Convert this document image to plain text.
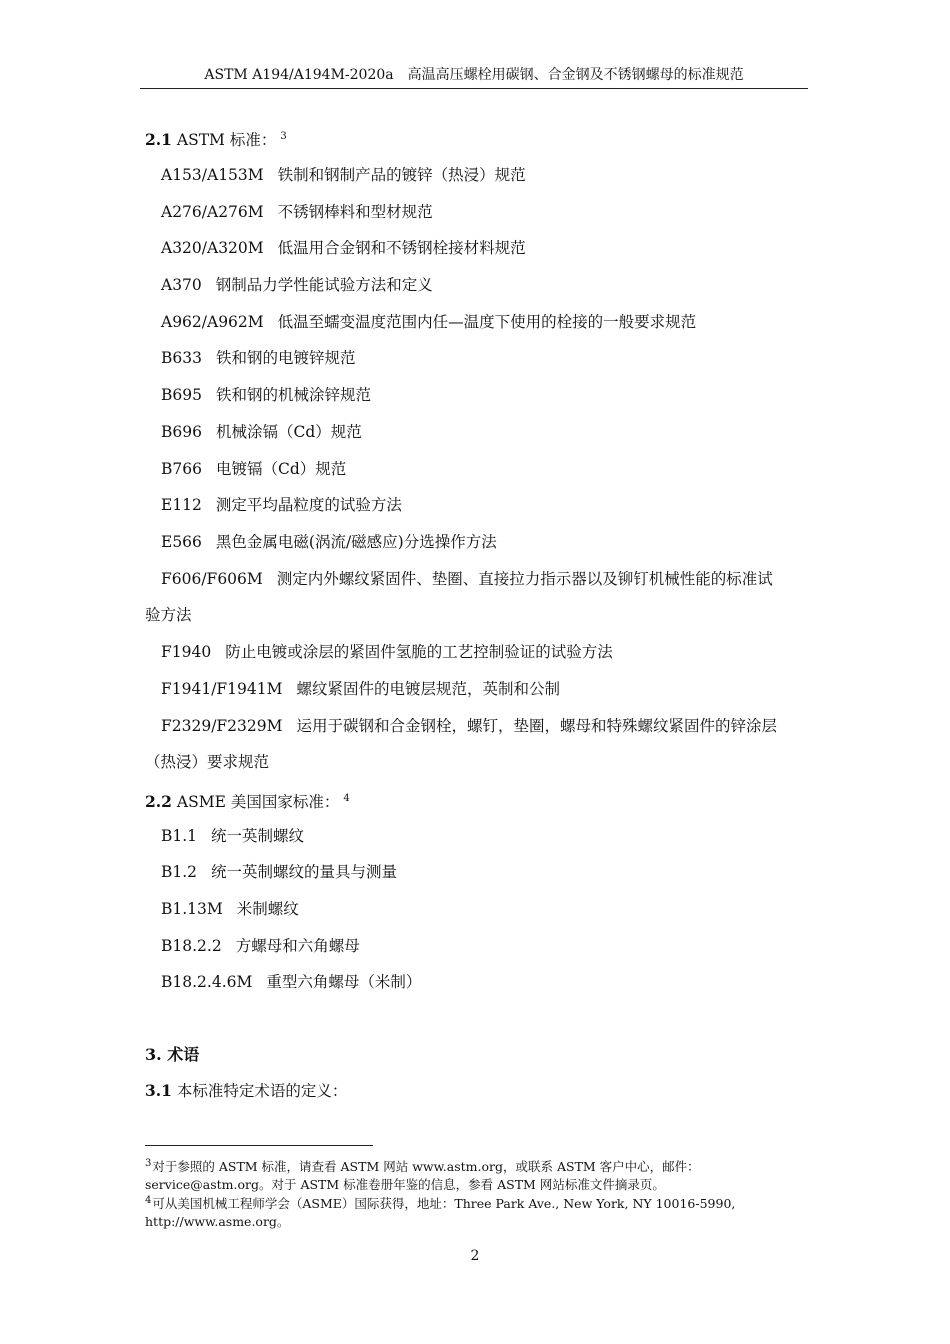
ASTM A194/A194M-2020a　高温高压螺栓用碳钢、合金钢及不锈钢螺母的标准规范
2.1 ASTM 标准： $^3$
A153/A153M 铁制和钢制产品的镀锌（热浸）规范
A276/A276M 不锈钢棒料和型材规范
A320/A320M 低温用合金钢和不锈钢栓接材料规范
A370 钢制品力学性能试验方法和定义
A962/A962M 低温至蠕变温度范围内任—温度下使用的栓接的一般要求规范
B633 铁和钢的电镀锌规范
B695 铁和钢的机械涂锌规范
B696 机械涂镉（Cd）规范
B766 电镀镉（Cd）规范
E112 测定平均晶粒度的试验方法
E566 黑色金属电磁(涡流/磁感应)分选操作方法
F606/F606M 测定内外螺纹紧固件、垫圈、直接拉力指示器以及铆钉机械性能的标准试
验方法
F1940 防止电镀或涂层的紧固件氢脆的工艺控制验证的试验方法
F1941/F1941M 螺纹紧固件的电镀层规范，英制和公制
F2329/F2329M 运用于碳钢和合金钢栓，螺钉，垫圈，螺母和特殊螺纹紧固件的锌涂层
（热浸）要求规范
2.2 ASME 美国国家标准： $^4$
B1.1 统一英制螺纹
B1.2 统一英制螺纹的量具与测量
B1.13M 米制螺纹
B18.2.2 方螺母和六角螺母
B18.2.4.6M 重型六角螺母（米制）
3. 术语
3.1 本标准特定术语的定义：
$^3$对于参照的 ASTM 标准，请查看 ASTM 网站 www.astm.org，或联系 ASTM 客户中心，邮件：service@astm.org。对于 ASTM 标准卷册年鉴的信息，参看 ASTM 网站标准文件摘录页。
$^4$可从美国机械工程师学会（ASME）国际获得，地址：Three Park Ave., New York, NY 10016-5990, http://www.asme.org。
2
